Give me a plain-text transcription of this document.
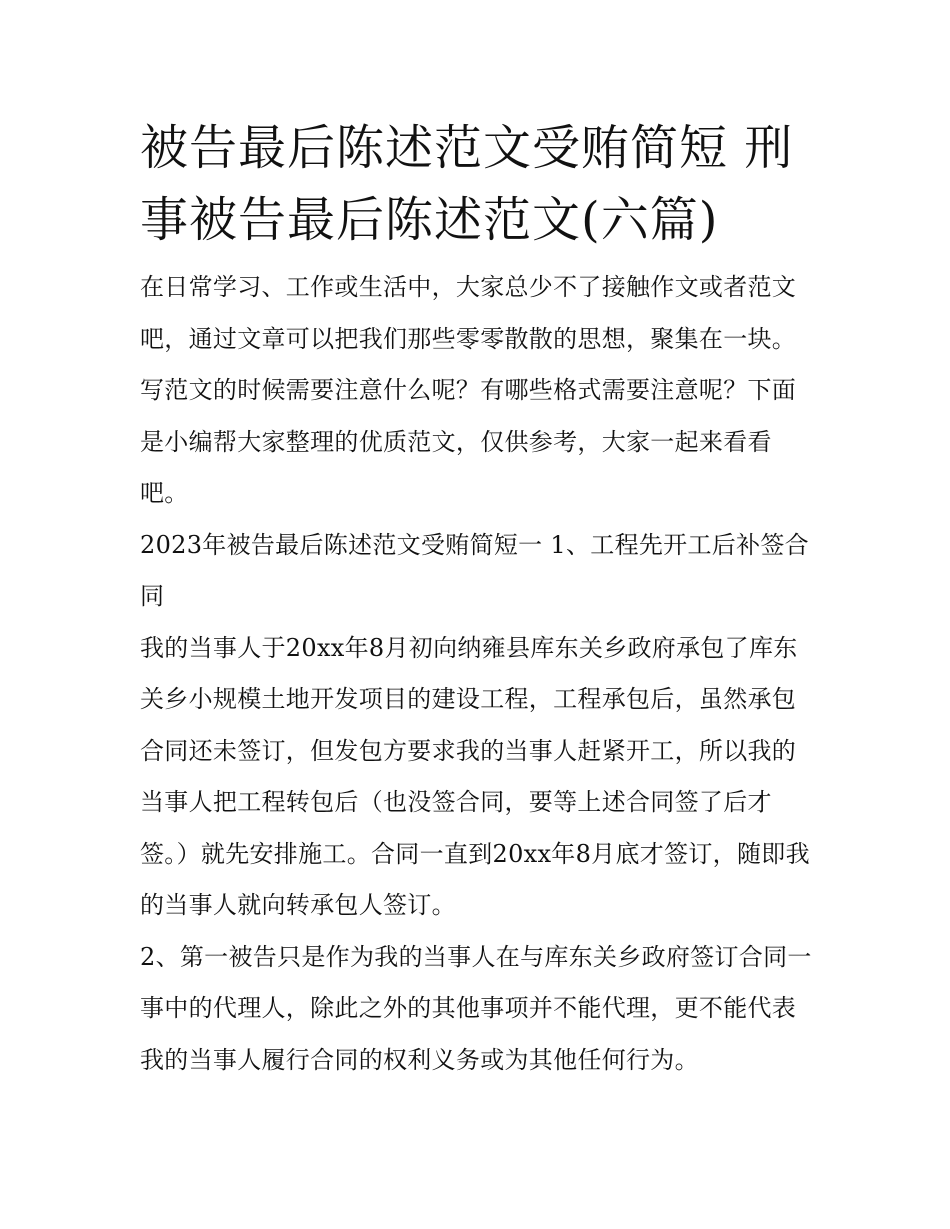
被告最后陈述范文受贿简短 刑事被告最后陈述范文(六篇)

在日常学习、工作或生活中，大家总少不了接触作文或者范文吧，通过文章可以把我们那些零零散散的思想，聚集在一块。写范文的时候需要注意什么呢？有哪些格式需要注意呢？下面是小编帮大家整理的优质范文，仅供参考，大家一起来看看吧。

2023年被告最后陈述范文受贿简短一 1、工程先开工后补签合同

我的当事人于20xx年8月初向纳雍县库东关乡政府承包了库东关乡小规模土地开发项目的建设工程，工程承包后，虽然承包合同还未签订，但发包方要求我的当事人赶紧开工，所以我的当事人把工程转包后（也没签合同，要等上述合同签了后才签。）就先安排施工。合同一直到20xx年8月底才签订，随即我的当事人就向转承包人签订。

2、第一被告只是作为我的当事人在与库东关乡政府签订合同一事中的代理人，除此之外的其他事项并不能代理，更不能代表我的当事人履行合同的权利义务或为其他任何行为。
